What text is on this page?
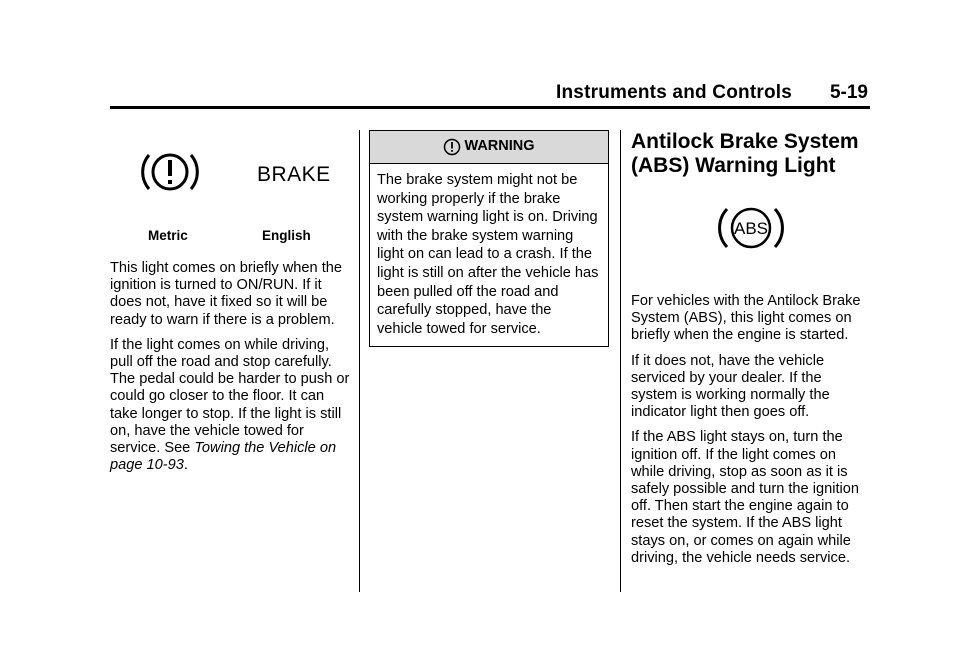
Instruments and Controls 5-19
BRAKE
Metric	English

This light comes on briefly when the ignition is turned to ON/RUN. If it does not, have it fixed so it will be ready to warn if there is a problem.

If the light comes on while driving, pull off the road and stop carefully. The pedal could be harder to push or could go closer to the floor. It can take longer to stop. If the light is still on, have the vehicle towed for service. See Towing the Vehicle on page 10-93.

WARNING
The brake system might not be working properly if the brake system warning light is on. Driving with the brake system warning light on can lead to a crash. If the light is still on after the vehicle has been pulled off the road and carefully stopped, have the vehicle towed for service.
Antilock Brake System (ABS) Warning Light
ABS

For vehicles with the Antilock Brake System (ABS), this light comes on briefly when the engine is started.

If it does not, have the vehicle serviced by your dealer. If the system is working normally the indicator light then goes off.

If the ABS light stays on, turn the ignition off. If the light comes on while driving, stop as soon as it is safely possible and turn the ignition off. Then start the engine again to reset the system. If the ABS light stays on, or comes on again while driving, the vehicle needs service.
